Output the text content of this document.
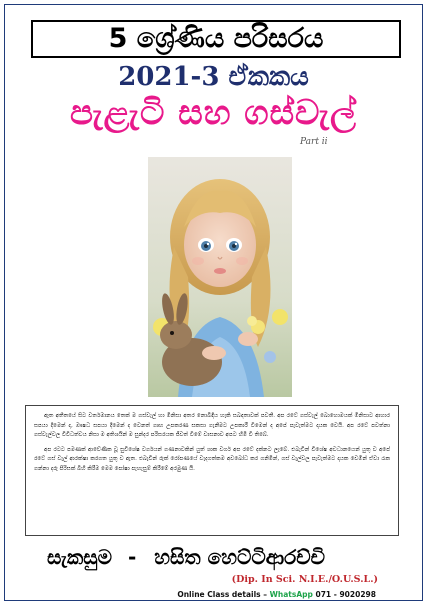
5 ශ්‍රේණිය පරිසරය
2021-3 ඒකකය
පැළැටි සහ ගස්වැල්
Part ii

ඈත අතීතයේ සිට වර්තමානය තෙක් ම ගස්වැල් හා මිනිසා අතර නොබිඳිය හැකි සබඳතාවක් පවතී. අප රටේ ගස්වැල් බොහොමයක් මිනිසාට ආහාර සපයා දීමෙන් ද, ඖෂධ සපයා දීමෙන් ද වෙනත් ගෘහ උපකරණ සකසා ගැනීමට උපකාරී වීමෙන් ද අපේ පැවැත්මට දායක වෙයි. අප රටේ පවත්නා ගස්වැල්වල විවිධත්වය නිසා ම අතිශයින් ම සුන්දර පරිසරයක ජීවත් වීමේ වාසනාව අපට හිමි වී තිබේ.

අප රටට පමණක් ආවේණික වූ සුවිශේෂ වර්ගයන් ගණනාවකින් යුත් ශාක වර්ග අප රටේ දක්නට ලැබේ. එබැවින් විශේෂ අවධානයෙන් යුතු ව අපේ රටේ ගස් වැල් ආරක්ෂා කරගත යුතු ව ඇත. එබැවින් රුක් රෝපණයේ වැදගත්කම අවබෝධ කර ගනිමින්, ගස් වැල්වල පැවැත්මට දායක වෙමින් ඒවා රැක ගන්නා දරු පිරිසක් බිහි කිරීම මෙම පෝෂා පැහැසුම් කිරීමේ අරමුණ යි.

සැකසුම - හසිත හෙට්ටිආරච්චි
(Dip. In Sci. N.I.E./O.U.S.L.)
Online Class details – WhatsApp 071 - 9020298
